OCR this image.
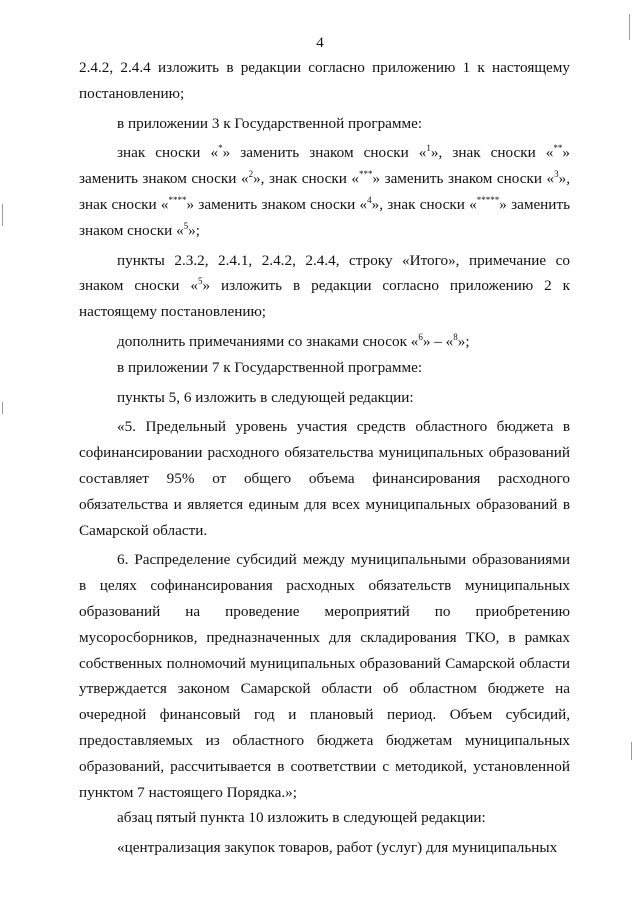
4

2.4.2, 2.4.4 изложить в редакции согласно приложению 1 к настоящему постановлению;

в приложении 3 к Государственной программе:

знак сноски «*» заменить знаком сноски «$^1$», знак сноски «**» заменить знаком сноски «$^2$», знак сноски «***» заменить знаком сноски «$^3$», знак сноски «****» заменить знаком сноски «$^4$», знак сноски «*****» заменить знаком сноски «$^5$»;

пункты 2.3.2, 2.4.1, 2.4.2, 2.4.4, строку «Итого», примечание со знаком сноски «$^5$» изложить в редакции согласно приложению 2 к настоящему постановлению;

дополнить примечаниями со знаками сносок «$^6$» – «$^8$»;

в приложении 7 к Государственной программе:

пункты 5, 6 изложить в следующей редакции:

«5. Предельный уровень участия средств областного бюджета в софинансировании расходного обязательства муниципальных образований составляет 95% от общего объема финансирования расходного обязательства и является единым для всех муниципальных образований в Самарской области.

6. Распределение субсидий между муниципальными образованиями в целях софинансирования расходных обязательств муниципальных образований на проведение мероприятий по приобретению мусоросборников, предназначенных для складирования ТКО, в рамках собственных полномочий муниципальных образований Самарской области утверждается законом Самарской области об областном бюджете на очередной финансовый год и плановый период. Объем субсидий, предоставляемых из областного бюджета бюджетам муниципальных образований, рассчитывается в соответствии с методикой, установленной пунктом 7 настоящего Порядка.»;

абзац пятый пункта 10 изложить в следующей редакции:

«централизация закупок товаров, работ (услуг) для муниципальных
